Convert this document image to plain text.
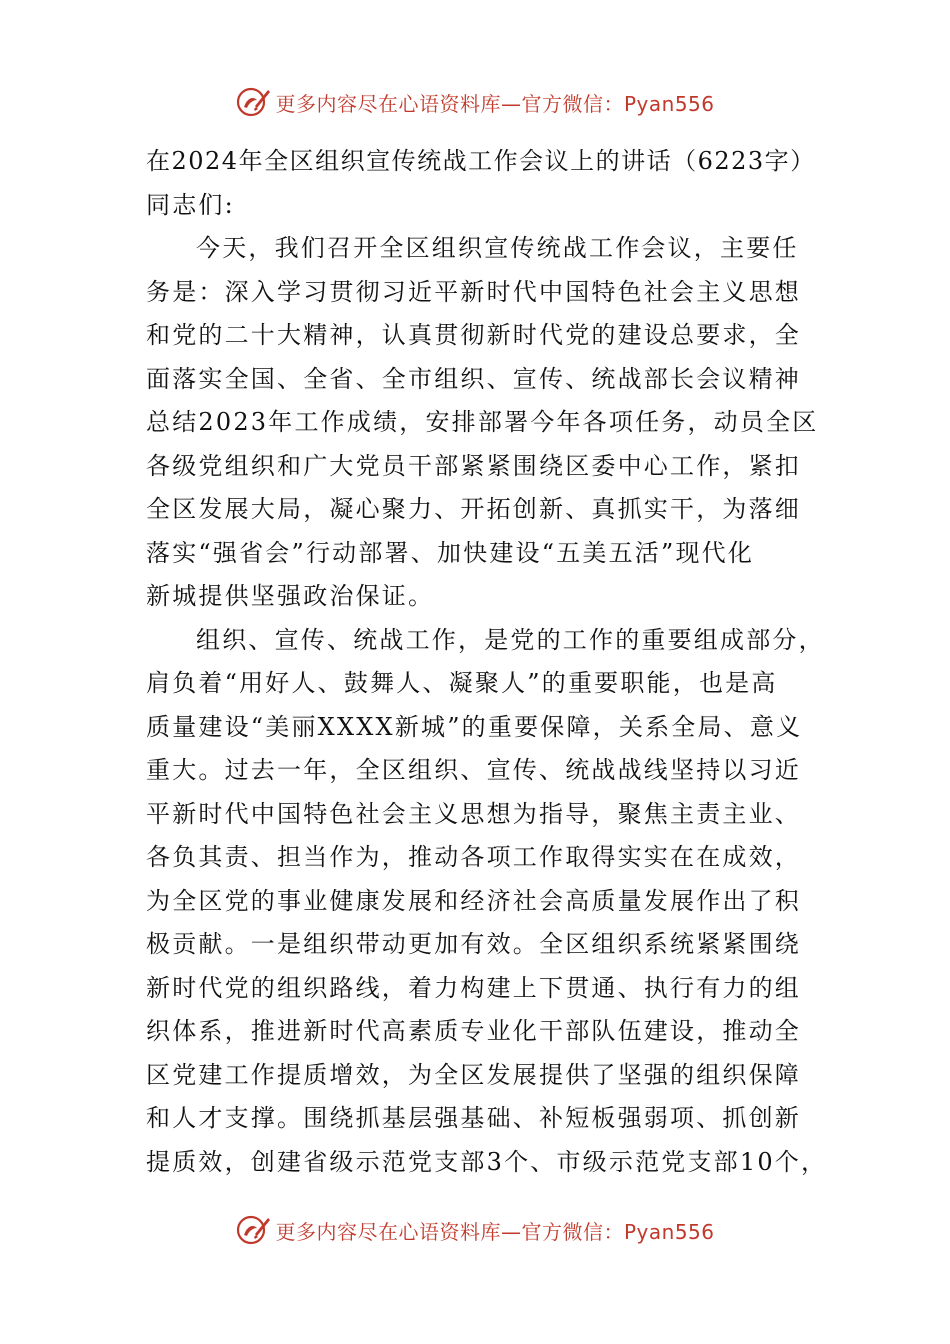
更多内容尽在心语资料库—官方微信：Pyan556
在2024年全区组织宣传统战工作会议上的讲话（6223字）
同志们:
今天，我们召开全区组织宣传统战工作会议，主要任
务是：深入学习贯彻习近平新时代中国特色社会主义思想
和党的二十大精神，认真贯彻新时代党的建设总要求，全
面落实全国、全省、全市组织、宣传、统战部长会议精神
总结2023年工作成绩，安排部署今年各项任务，动员全区
各级党组织和广大党员干部紧紧围绕区委中心工作，紧扣
全区发展大局，凝心聚力、开拓创新、真抓实干，为落细
落实“强省会”行动部署、加快建设“五美五活”现代化
新城提供坚强政治保证。
组织、宣传、统战工作，是党的工作的重要组成部分，
肩负着“用好人、鼓舞人、凝聚人”的重要职能，也是高
质量建设“美丽XXXX新城”的重要保障，关系全局、意义
重大。过去一年，全区组织、宣传、统战战线坚持以习近
平新时代中国特色社会主义思想为指导，聚焦主责主业、
各负其责、担当作为，推动各项工作取得实实在在成效，
为全区党的事业健康发展和经济社会高质量发展作出了积
极贡献。一是组织带动更加有效。全区组织系统紧紧围绕
新时代党的组织路线，着力构建上下贯通、执行有力的组
织体系，推进新时代高素质专业化干部队伍建设，推动全
区党建工作提质增效，为全区发展提供了坚强的组织保障
和人才支撑。围绕抓基层强基础、补短板强弱项、抓创新
提质效，创建省级示范党支部3个、市级示范党支部10个，
更多内容尽在心语资料库—官方微信：Pyan556
